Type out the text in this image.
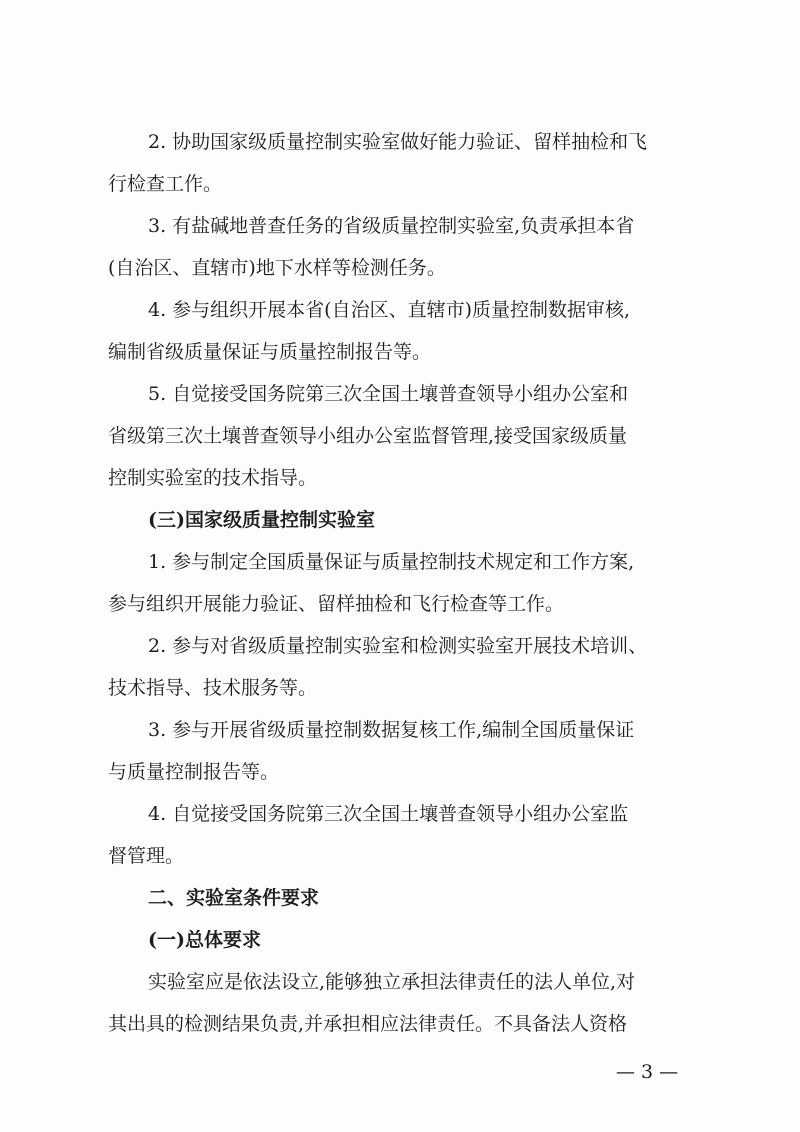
2. 协助国家级质量控制实验室做好能力验证、留样抽检和飞
行检查工作。
3. 有盐碱地普查任务的省级质量控制实验室,负责承担本省
(自治区、直辖市)地下水样等检测任务。
4. 参与组织开展本省(自治区、直辖市)质量控制数据审核,
编制省级质量保证与质量控制报告等。
5. 自觉接受国务院第三次全国土壤普查领导小组办公室和
省级第三次土壤普查领导小组办公室监督管理,接受国家级质量
控制实验室的技术指导。
(三)国家级质量控制实验室
1. 参与制定全国质量保证与质量控制技术规定和工作方案,
参与组织开展能力验证、留样抽检和飞行检查等工作。
2. 参与对省级质量控制实验室和检测实验室开展技术培训、
技术指导、技术服务等。
3. 参与开展省级质量控制数据复核工作,编制全国质量保证
与质量控制报告等。
4. 自觉接受国务院第三次全国土壤普查领导小组办公室监
督管理。
二、实验室条件要求
(一)总体要求
实验室应是依法设立,能够独立承担法律责任的法人单位,对
其出具的检测结果负责,并承担相应法律责任。不具备法人资格
— 3 —
